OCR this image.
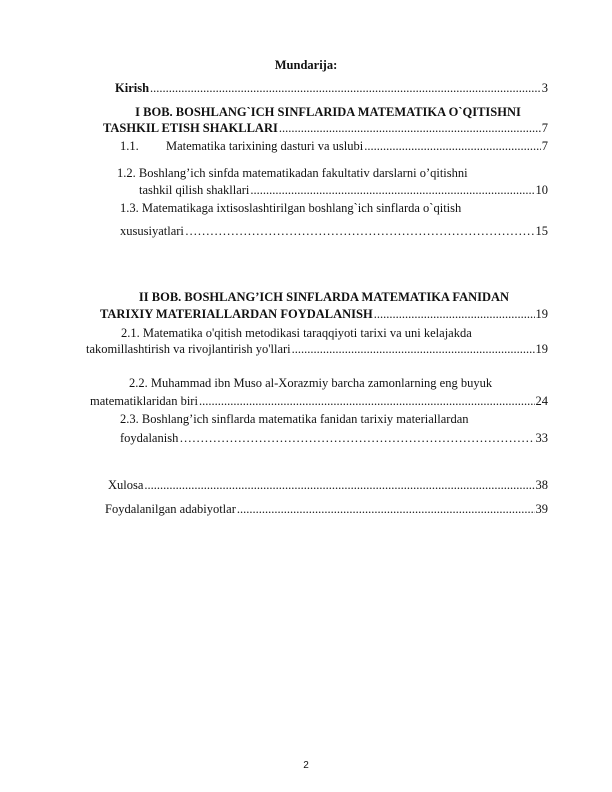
Mundarija:
Kirish .....	3
I BOB. BOSHLANG`ICH SINFLARIDA MATEMATIKA O`QITISHNI
TASHKIL ETISH SHAKLLARI .....	7
1.1.	Matematika tarixining dasturi va uslubi .....	7
1.2. Boshlang’ich sinfda matematikadan fakultativ darslarni o’qitishni
tashkil qilish shakllari .....	10
1.3. Matematikaga ixtisoslashtirilgan boshlang`ich sinflarda o`qitish
xususiyatlari ………………………………………………………………………………………………………………………………	15
II BOB. BOSHLANG’ICH SINFLARDA MATEMATIKA FANIDAN
TARIXIY MATERIALLARDAN FOYDALANISH .....	19
2.1. Matematika o'qitish metodikasi taraqqiyoti tarixi va uni kelajakda
takomillashtirish va rivojlantirish yo'llari .....	19
2.2. Muhammad ibn Muso al-Xorazmiy barcha zamonlarning eng buyuk
matematiklaridan biri .....	24
2.3. Boshlang’ich sinflarda matematika fanidan tarixiy materiallardan
foydalanish ………………………………………………………………………………………………………………………………	33
Xulosa .....	38
Foydalanilgan adabiyotlar .....	39
2
